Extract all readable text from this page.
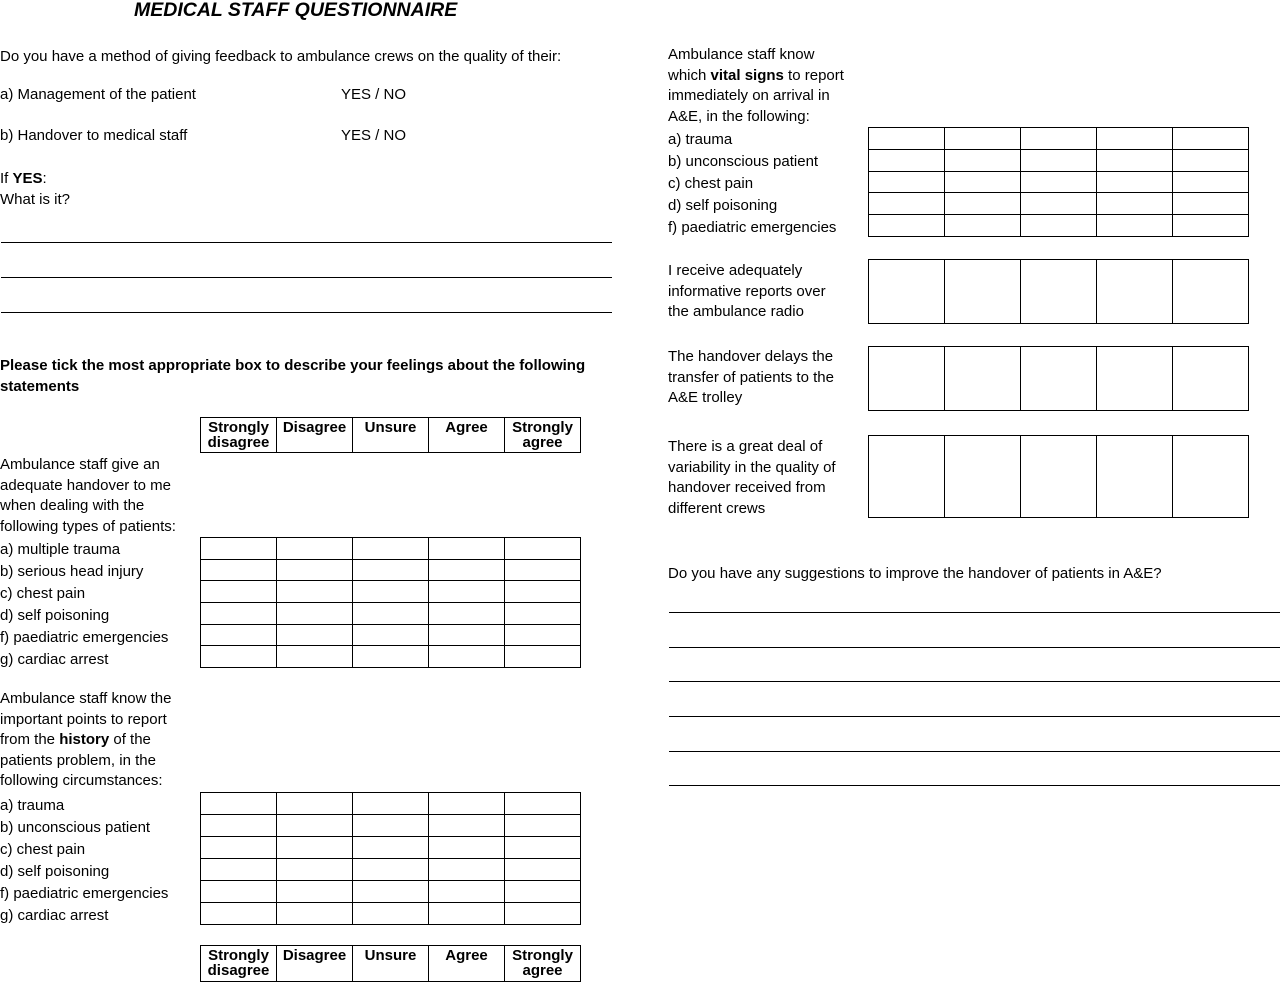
MEDICAL STAFF QUESTIONNAIRE
Do you have a method of giving feedback to ambulance crews on the quality of their:
a) Management of the patient	YES / NO
b) Handover to medical staff	YES / NO
If YES:
What is it?
Please tick the most appropriate box to describe your feelings about the following
statements
Strongly
disagree	Disagree	Unsure	Agree	Strongly
agree
Ambulance staff give an
adequate handover to me
when dealing with the
following types of patients:
a) multiple trauma
b) serious head injury
c) chest pain
d) self poisoning
f) paediatric emergencies
g) cardiac arrest

Ambulance staff know the
important points to report
from the history of the
patients problem, in the
following circumstances:
a) trauma
b) unconscious patient
c) chest pain
d) self poisoning
f) paediatric emergencies
g) cardiac arrest

Strongly
disagree	Disagree	Unsure	Agree	Strongly
agree
Ambulance staff know
which vital signs to report
immediately on arrival in
A&E, in the following:
a) trauma
b) unconscious patient
c) chest pain
d) self poisoning
f) paediatric emergencies

I receive adequately
informative reports over
the ambulance radio

The handover delays the
transfer of patients to the
A&E trolley

There is a great deal of
variability in the quality of
handover received from
different crews

Do you have any suggestions to improve the handover of patients in A&E?
